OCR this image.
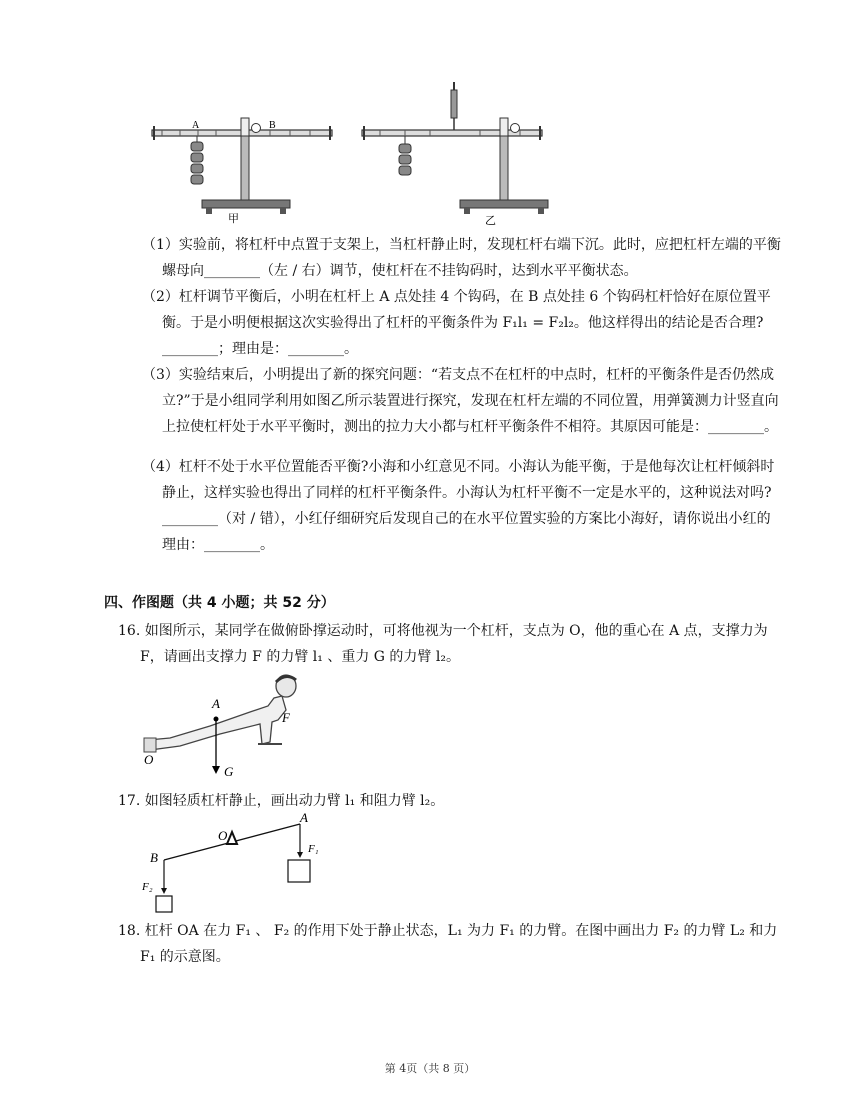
A	B
甲	乙
（1）实验前，将杠杆中点置于支架上，当杠杆静止时，发现杠杆右端下沉。此时，应把杠杆左端的平衡螺母向________（左 / 右）调节，使杠杆在不挂钩码时，达到水平平衡状态。
（2）杠杆调节平衡后，小明在杠杆上 A 点处挂 4 个钩码，在 B 点处挂 6 个钩码杠杆恰好在原位置平衡。于是小明便根据这次实验得出了杠杆的平衡条件为 F₁l₁ = F₂l₂。他这样得出的结论是否合理?________；理由是：________。
（3）实验结束后，小明提出了新的探究问题：“若支点不在杠杆的中点时，杠杆的平衡条件是否仍然成立?”于是小组同学利用如图乙所示装置进行探究，发现在杠杆左端的不同位置，用弹簧测力计竖直向上拉使杠杆处于水平平衡时，测出的拉力大小都与杠杆平衡条件不相符。其原因可能是：________。
（4）杠杆不处于水平位置能否平衡?小海和小红意见不同。小海认为能平衡，于是他每次让杠杆倾斜时静止，这样实验也得出了同样的杠杆平衡条件。小海认为杠杆平衡不一定是水平的，这种说法对吗?________（对 / 错），小红仔细研究后发现自己的在水平位置实验的方案比小海好，请你说出小红的理由：________。
四、作图题（共 4 小题；共 52 分）
16. 如图所示，某同学在做俯卧撑运动时，可将他视为一个杠杆，支点为 O，他的重心在 A 点，支撑力为 F，请画出支撑力 F 的力臂 l₁ 、重力 G 的力臂 l₂。
A
F
O
G
17. 如图轻质杠杆静止，画出动力臂 l₁ 和阻力臂 l₂。
O
A
B
F₁
F₂
18. 杠杆 OA 在力 F₁ 、 F₂ 的作用下处于静止状态，L₁ 为力 F₁ 的力臂。在图中画出力 F₂ 的力臂 L₂ 和力 F₁ 的示意图。
第 4页（共 8 页）
